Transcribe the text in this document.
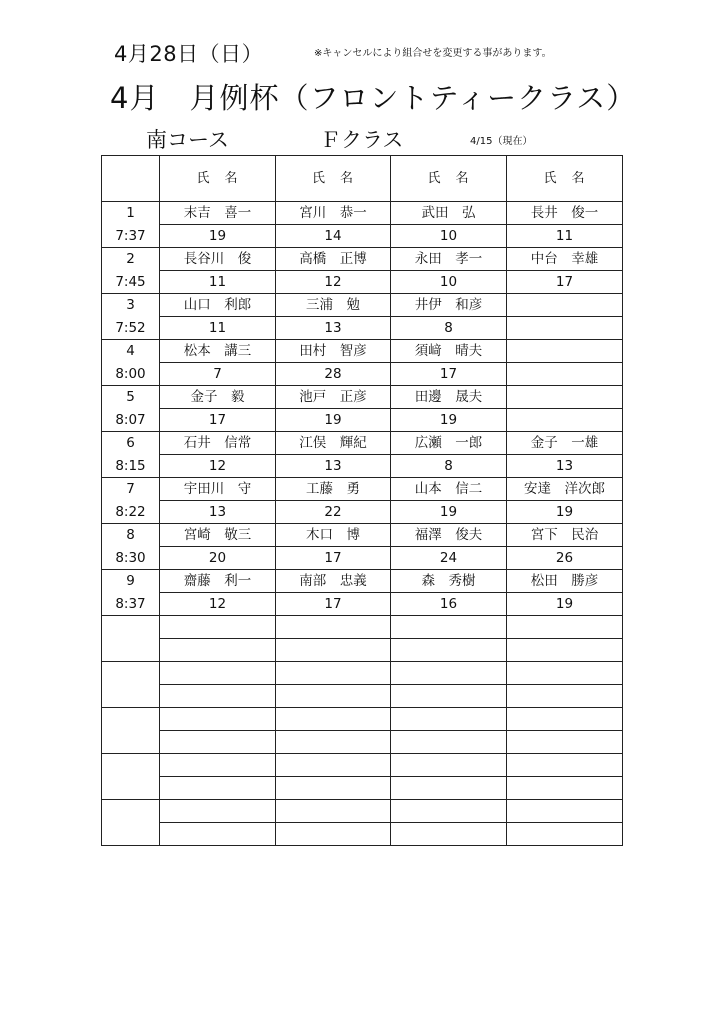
4月28日（日）	※キャンセルにより組合せを変更する事があります。
4月　月例杯（フロントティークラス）
南コース	Ｆクラス	4/15（現在）
	氏　名	氏　名	氏　名	氏　名
1	末吉　喜一	宮川　恭一	武田　弘	長井　俊一
7:37	19	14	10	11
2	長谷川　俊	高橋　正博	永田　孝一	中台　幸雄
7:45	11	12	10	17
3	山口　利郎	三浦　勉	井伊　和彦	
7:52	11	13	8	
4	松本　講三	田村　智彦	須﨑　晴夫	
8:00	7	28	17	
5	金子　毅	池戸　正彦	田邊　晟夫	
8:07	17	19	19	
6	石井　信常	江俣　輝紀	広瀬　一郎	金子　一雄
8:15	12	13	8	13
7	宇田川　守	工藤　勇	山本　信二	安達　洋次郎
8:22	13	22	19	19
8	宮崎　敬三	木口　博	福澤　俊夫	宮下　民治
8:30	20	17	24	26
9	齋藤　利一	南部　忠義	森　秀樹	松田　勝彦
8:37	12	17	16	19
